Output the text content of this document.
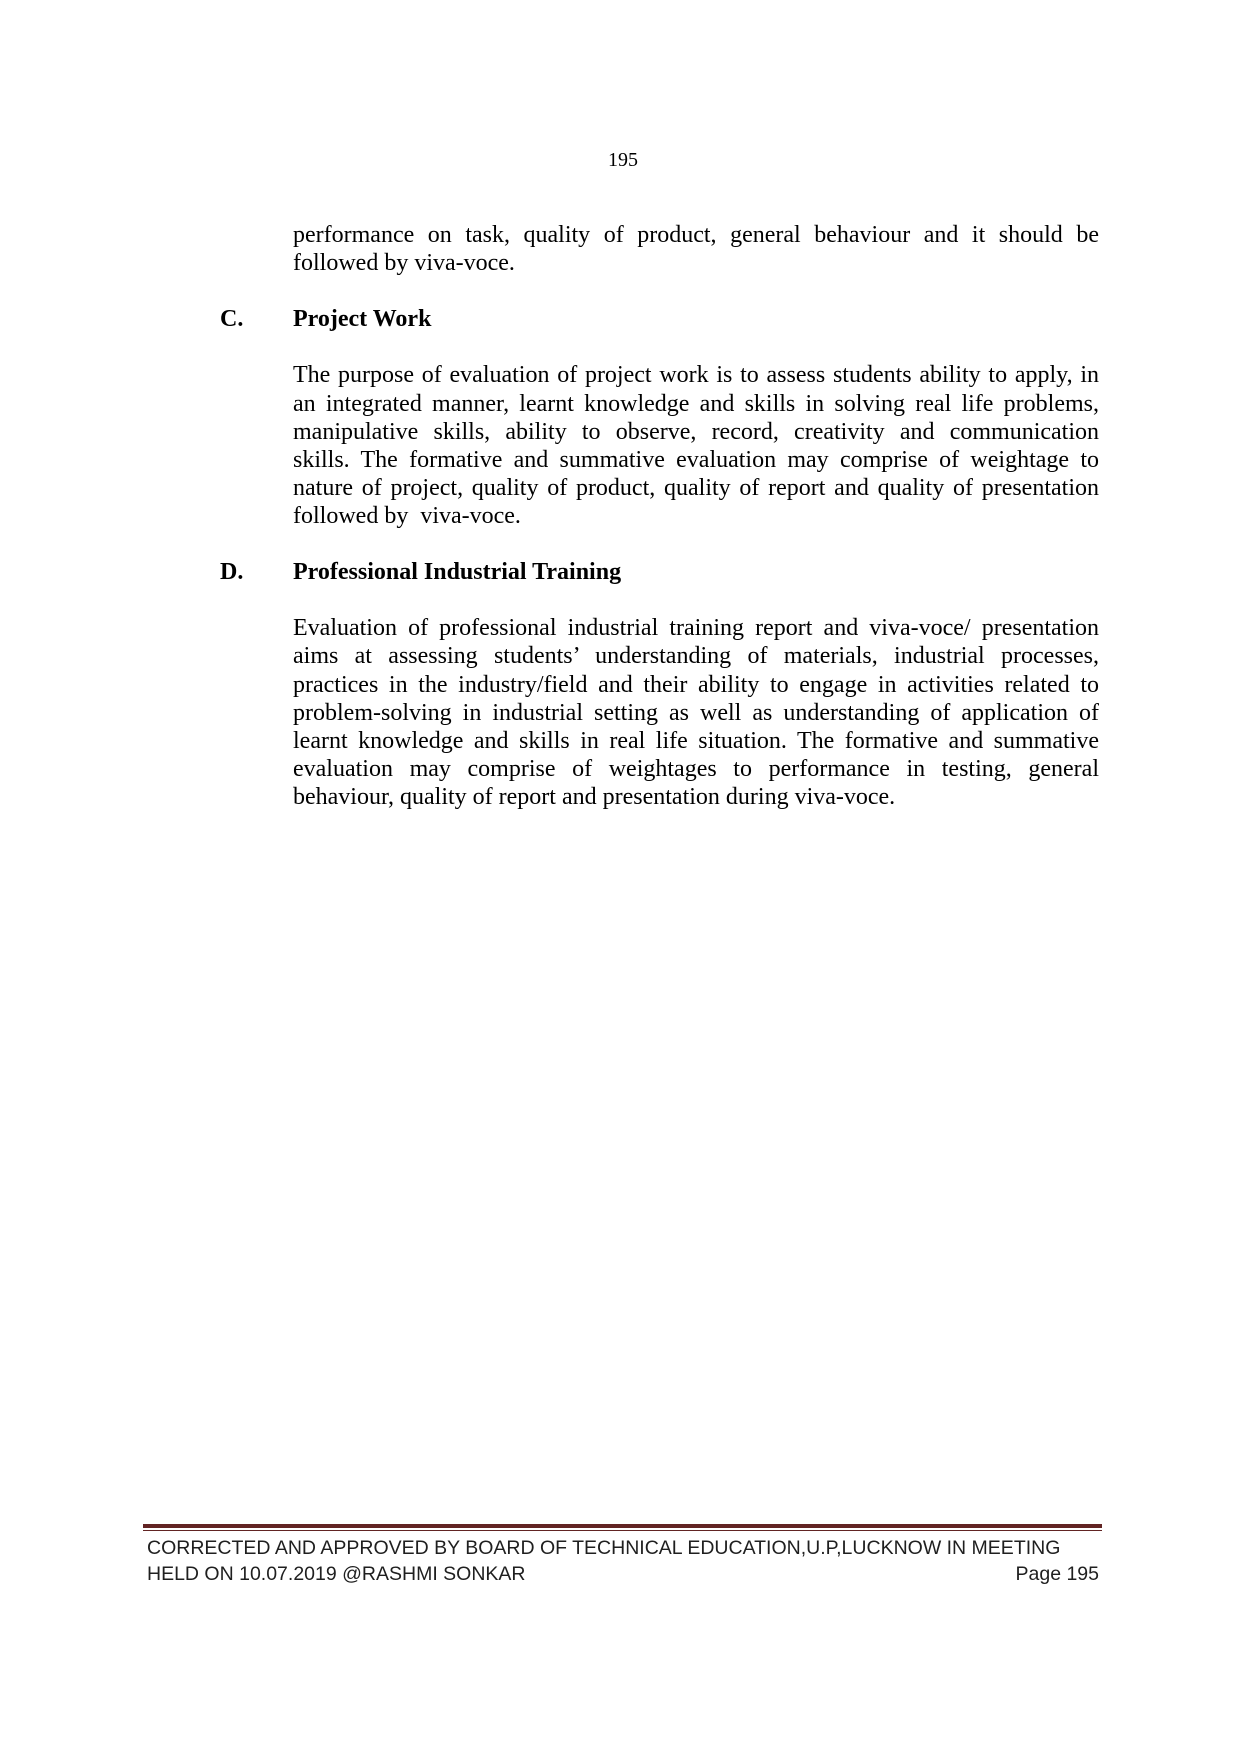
195
performance on task, quality of product, general behaviour and it should be
followed by viva-voce.
C. Project Work
The purpose of evaluation of project work is to assess students ability to apply, in
an integrated manner, learnt knowledge and skills in solving real life problems,
manipulative skills, ability to observe, record, creativity and communication
skills. The formative and summative evaluation may comprise of weightage to
nature of project, quality of product, quality of report and quality of presentation
followed by  viva-voce.
D. Professional Industrial Training
Evaluation of professional industrial training report and viva-voce/ presentation
aims at assessing students’ understanding of materials, industrial processes,
practices in the industry/field and their ability to engage in activities related to
problem-solving in industrial setting as well as understanding of application of
learnt knowledge and skills in real life situation. The formative and summative
evaluation may comprise of weightages to performance in testing, general
behaviour, quality of report and presentation during viva-voce.
CORRECTED AND APPROVED BY BOARD OF TECHNICAL EDUCATION,U.P,LUCKNOW IN MEETING
HELD ON 10.07.2019 @RASHMI SONKAR	Page 195
